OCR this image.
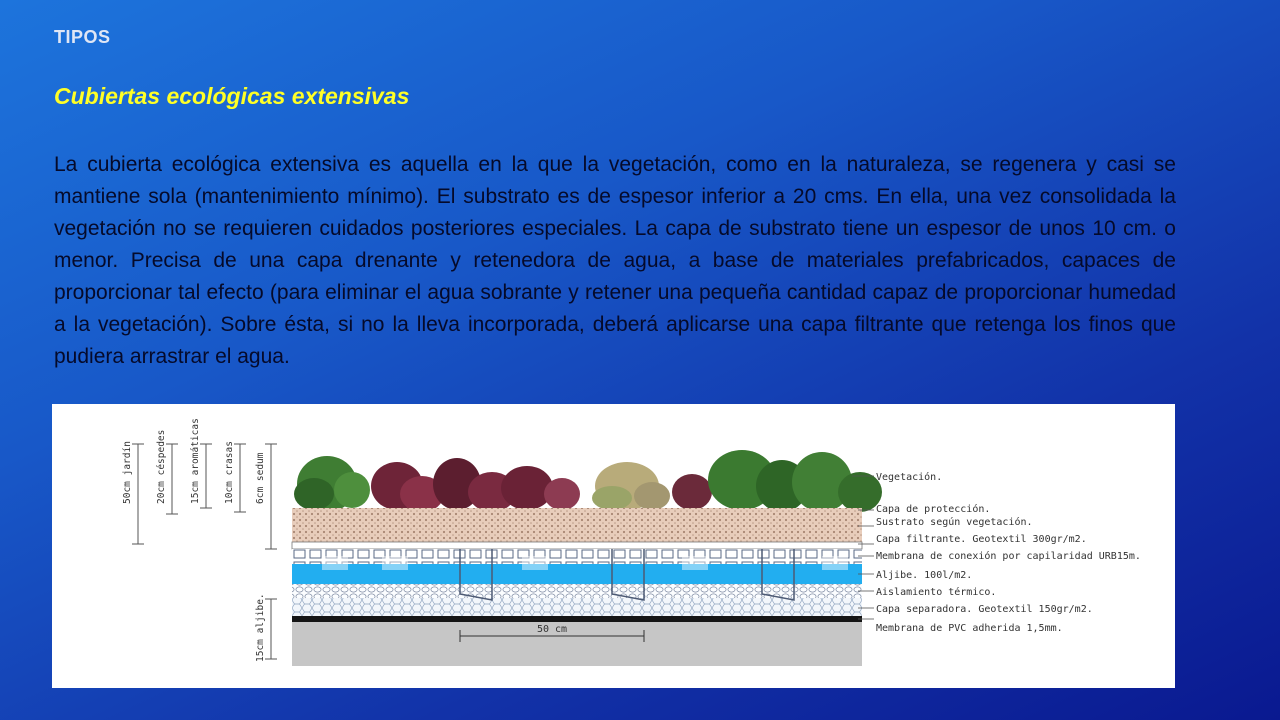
TIPOS
Cubiertas ecológicas extensivas

La cubierta ecológica extensiva es aquella en la que la vegetación, como en la naturaleza, se regenera y casi se mantiene sola (mantenimiento mínimo). El substrato es de espesor inferior a 20 cms. En ella, una vez consolidada la vegetación no se requieren cuidados posteriores especiales. La capa de substrato tiene un espesor de unos 10 cm. o menor. Precisa de una capa drenante y retenedora de agua, a base de materiales prefabricados, capaces de proporcionar tal efecto (para eliminar el agua sobrante y retener una pequeña cantidad capaz de proporcionar humedad a la vegetación). Sobre ésta, si no la lleva incorporada, deberá aplicarse una capa filtrante que retenga los finos que pudiera arrastrar el agua.

50cm jardín 20cm céspedes 15cm aromáticas 10cm crasas 6cm sedum
15cm aljibe.	50 cm
Vegetación.
Capa de protección.
Sustrato según vegetación.
Capa filtrante. Geotextil 300gr/m2.
Membrana de conexión por capilaridad URB15m.
Aljibe. 100l/m2.
Aislamiento térmico.
Capa separadora. Geotextil 150gr/m2.
Membrana de PVC adherida 1,5mm.
